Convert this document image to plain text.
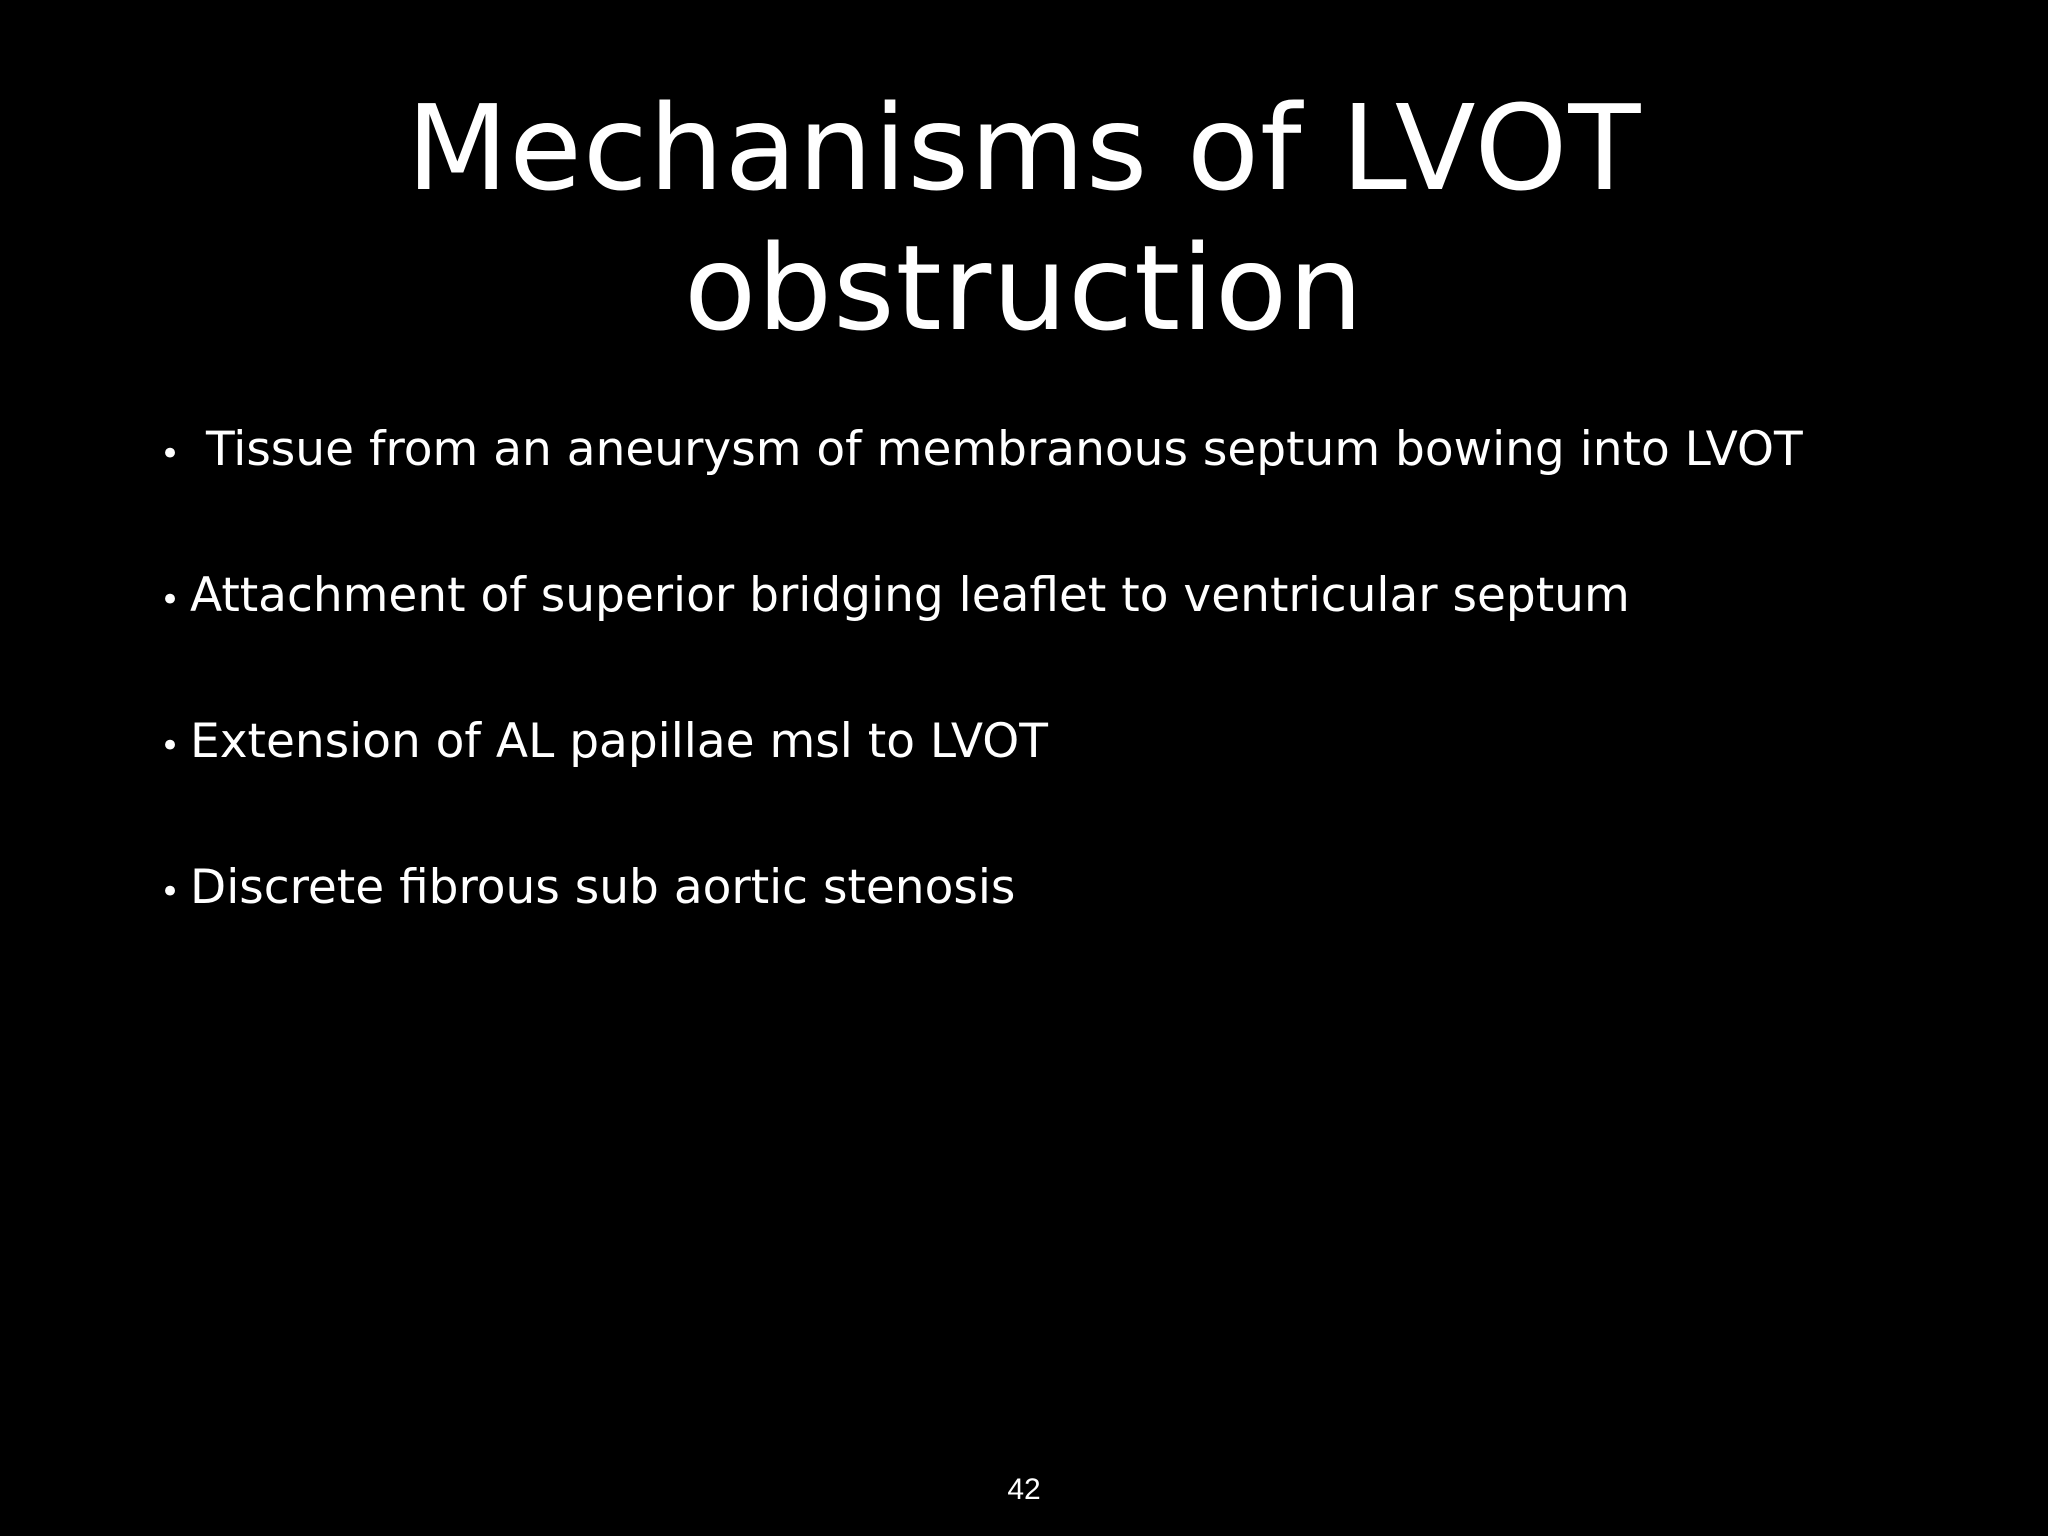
Mechanisms of LVOT
obstruction
• Tissue from an aneurysm of membranous septum bowing into LVOT
• Attachment of superior bridging leaflet to ventricular septum
• Extension of AL papillae msl to LVOT
• Discrete fibrous sub aortic stenosis
42
